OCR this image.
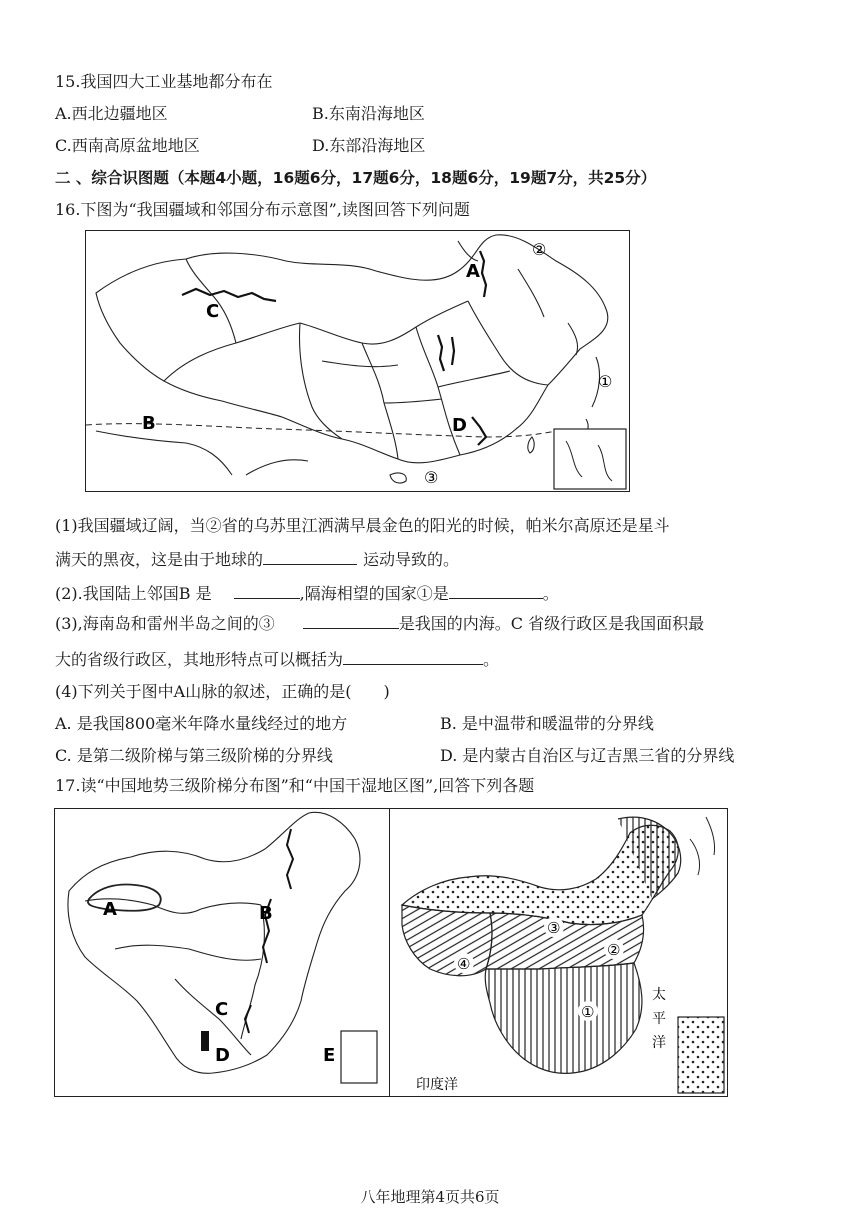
15.我国四大工业基地都分布在
A.西北边疆地区	B.东南沿海地区
C.西南高原盆地地区	D.东部沿海地区
二 、综合识图题（本题4小题，16题6分，17题6分，18题6分，19题7分，共25分）
16.下图为“我国疆域和邻国分布示意图”,读图回答下列问题
A
C
B	D
②
①
③
(1)我国疆域辽阔，当②省的乌苏里江洒满早晨金色的阳光的时候，帕米尔高原还是星斗
满天的黑夜，这是由于地球的	运动导致的。
(2).我国陆上邻国B 是	,隔海相望的国家①是	。
(3),海南岛和雷州半岛之间的③	是我国的内海。C 省级行政区是我国面积最
大的省级行政区，其地形特点可以概括为	。
(4)下列关于图中A山脉的叙述，正确的是(　　)
A. 是我国800毫米年降水量线经过的地方	B. 是中温带和暖温带的分界线
C. 是第二级阶梯与第三级阶梯的分界线	D. 是内蒙古自治区与辽吉黑三省的分界线
17.读“中国地势三级阶梯分布图”和“中国干湿地区图”,回答下列各题
A	B
C
D	E
①
②
③
④
印度洋
太
平
洋
八年地理第4页共6页
